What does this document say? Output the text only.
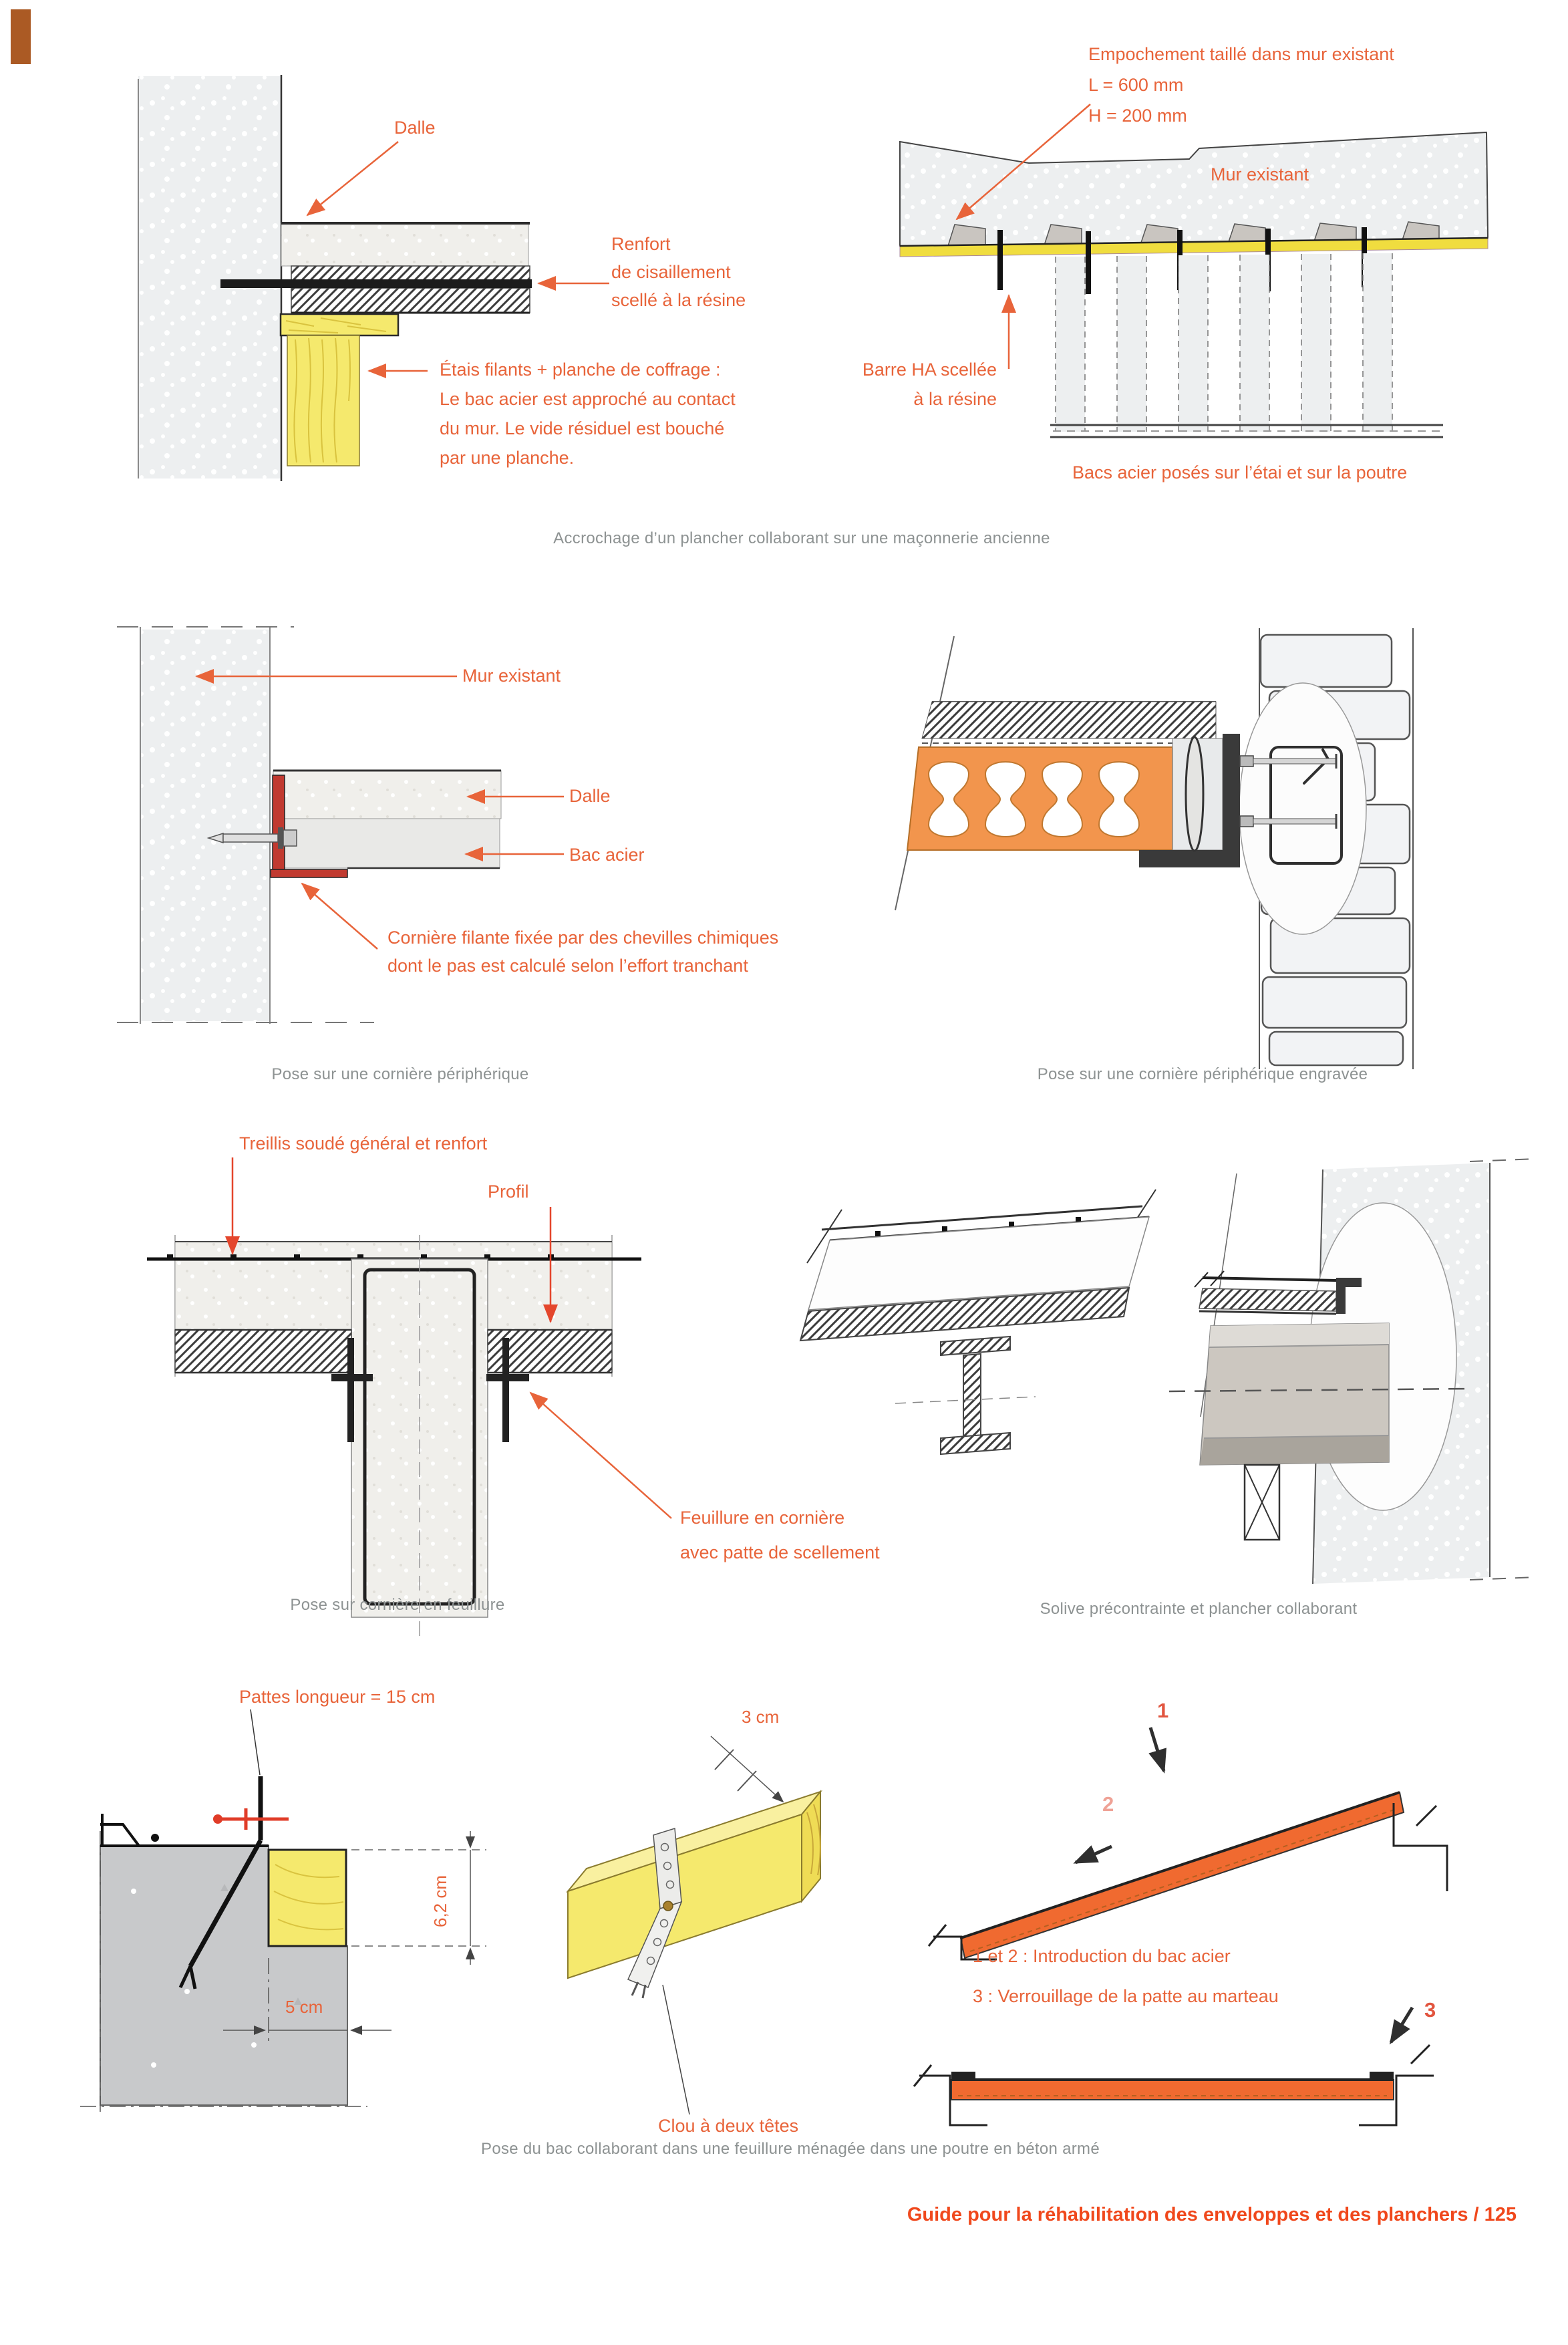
Dalle
Renfort
de cisaillement
scellé à la résine
Étais filants + planche de coffrage :
Le bac acier est approché au contact
du mur. Le vide résiduel est bouché
par une planche.
Empochement taillé dans mur existant
L = 600 mm
H = 200 mm
Mur existant
Barre HA scellée
à la résine
Bacs acier posés sur l’étai et sur la poutre
Accrochage d’un plancher collaborant sur une maçonnerie ancienne
Mur existant
Dalle
Bac acier
Cornière filante fixée par des chevilles chimiques
dont le pas est calculé selon l’effort tranchant
Pose sur une cornière périphérique	Pose sur une cornière périphérique engravée
Treillis soudé général et renfort
Profil
Feuillure en cornière
avec patte de scellement
Pose sur cornière en feuillure	Solive précontrainte et plancher collaborant
Pattes longueur = 15 cm
6,2 cm
5 cm
3 cm
Clou à deux têtes
1
2
1 et 2 : Introduction du bac acier
3 : Verrouillage de la patte au marteau
3
Pose du bac collaborant dans une feuillure ménagée dans une poutre en béton armé
Guide pour la réhabilitation des enveloppes et des planchers / 125
